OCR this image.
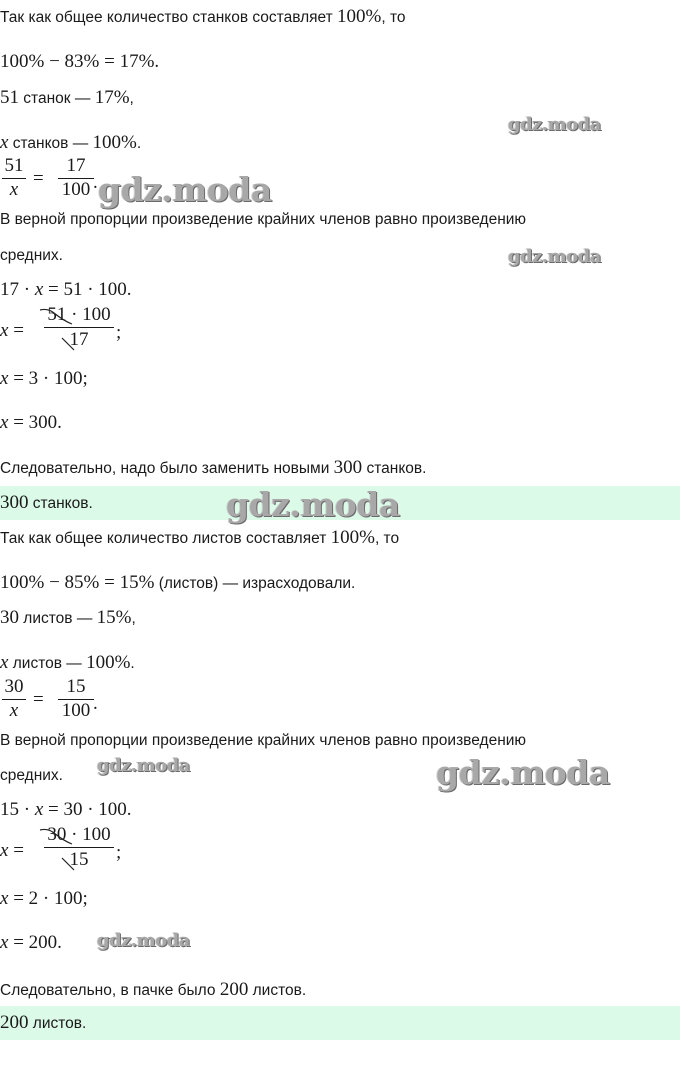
Так как общее количество станков составляет 100%, то
100% − 83% = 17%.
51 станок — 17%,
x станков — 100%.
51
x
=
17
100 .
В верной пропорции произведение крайних членов равно произведению
средних.
17 · x = 51 · 100.
x =
51 · 100
17	;
x = 3 · 100;
x = 300.
Следовательно, надо было заменить новыми 300 станков.
300 станков.
Так как общее количество листов составляет 100%, то
100% − 85% = 15% (листов) — израсходовали.
30 листов — 15%,
x листов — 100%.
30
x
=
15
100 .
В верной пропорции произведение крайних членов равно произведению
средних.
15 · x = 30 · 100.
x =
30 · 100
15	;
x = 2 · 100;
x = 200.
Следовательно, в пачке было 200 листов.
200 листов.
gdz.moda
gdz.moda
gdz.moda
gdz.moda
gdz.moda	gdz.moda
gdz.moda
